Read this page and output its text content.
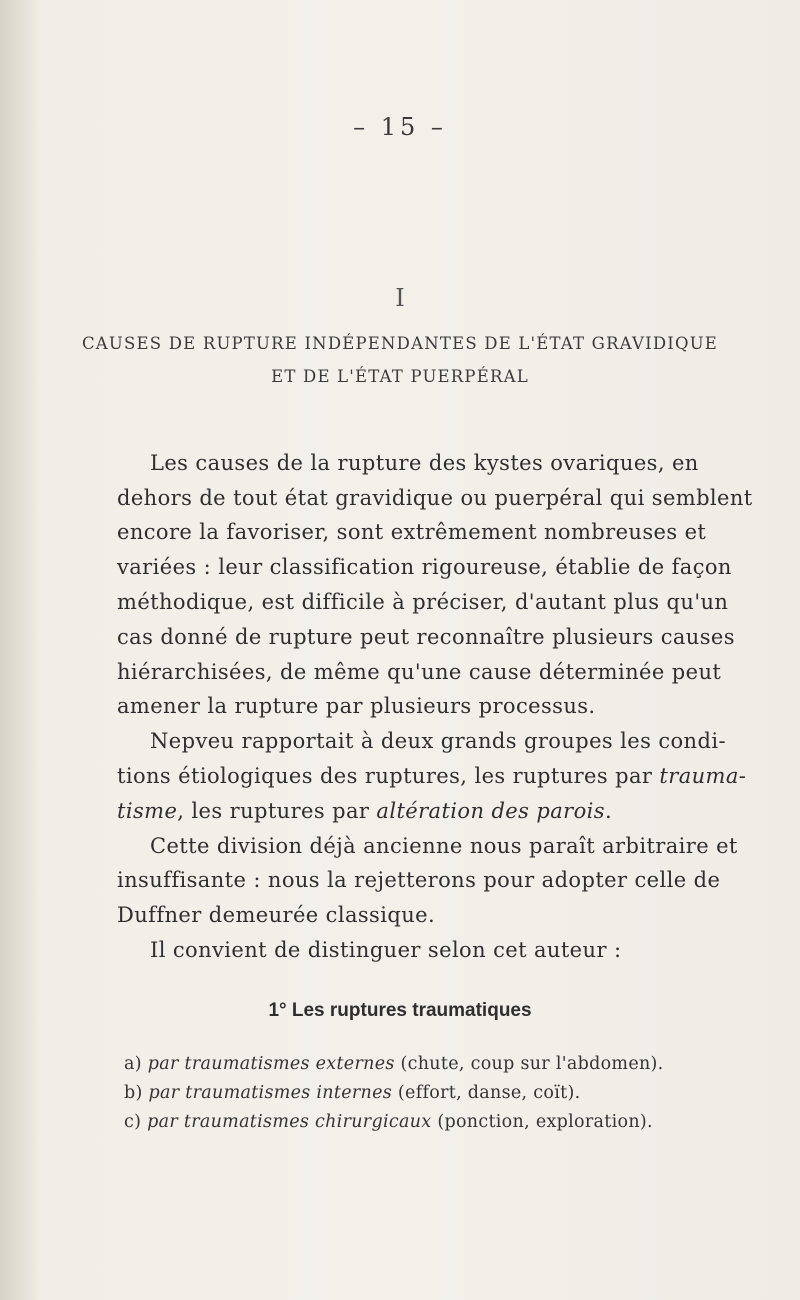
– 15 –
I
CAUSES DE RUPTURE INDÉPENDANTES DE L'ÉTAT GRAVIDIQUE
ET DE L'ÉTAT PUERPÉRAL
Les causes de la rupture des kystes ovariques, en
dehors de tout état gravidique ou puerpéral qui semblent
encore la favoriser, sont extrêmement nombreuses et
variées : leur classification rigoureuse, établie de façon
méthodique, est difficile à préciser, d'autant plus qu'un
cas donné de rupture peut reconnaître plusieurs causes
hiérarchisées, de même qu'une cause déterminée peut
amener la rupture par plusieurs processus.
Nepveu rapportait à deux grands groupes les condi-
tions étiologiques des ruptures, les ruptures par trauma-
tisme, les ruptures par altération des parois.
Cette division déjà ancienne nous paraît arbitraire et
insuffisante : nous la rejetterons pour adopter celle de
Duffner demeurée classique.
Il convient de distinguer selon cet auteur :
1° Les ruptures traumatiques
a) par traumatismes externes (chute, coup sur l'abdomen).
b) par traumatismes internes (effort, danse, coït).
c) par traumatismes chirurgicaux (ponction, exploration).
